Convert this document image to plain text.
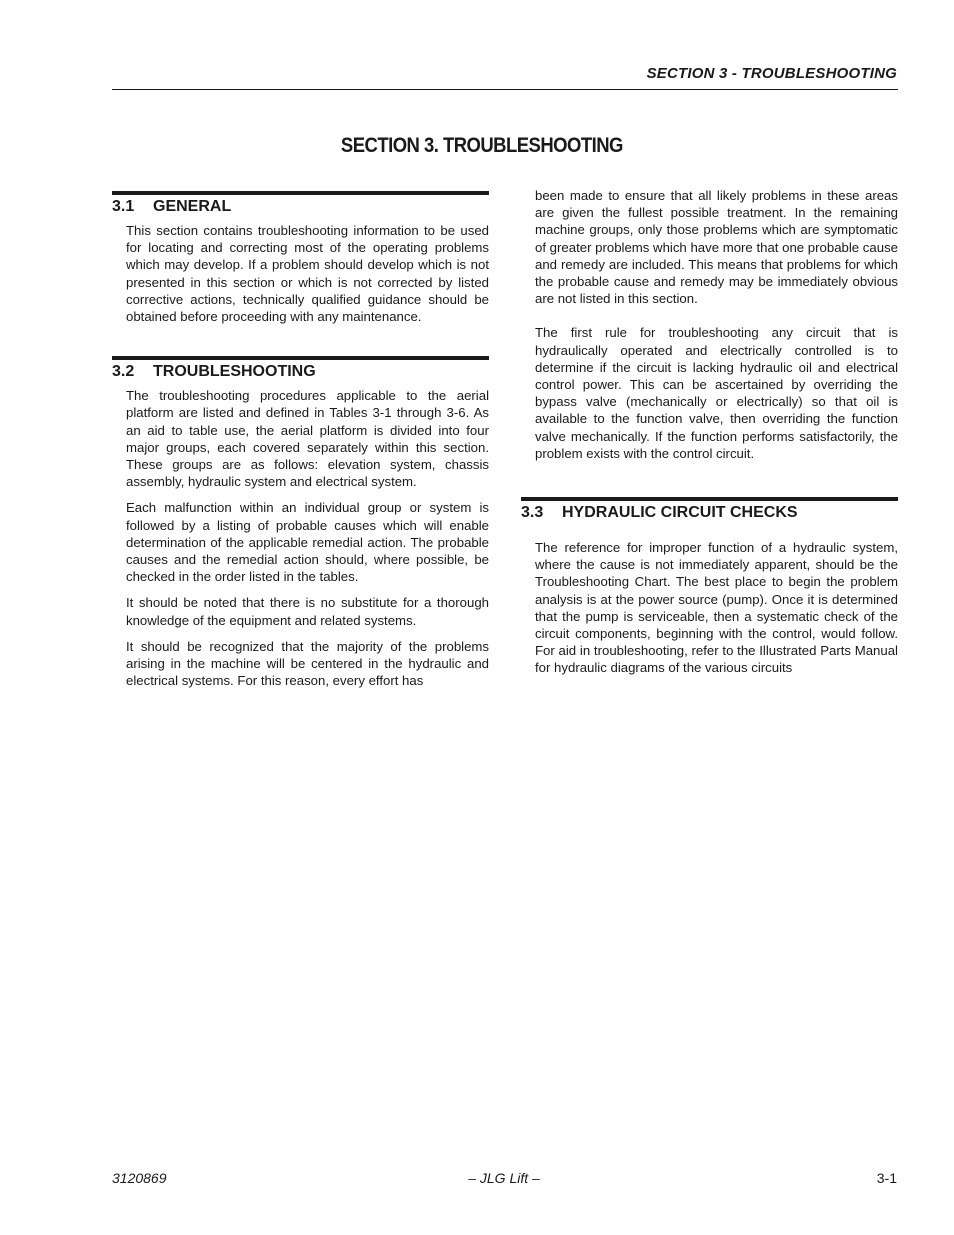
SECTION 3 - TROUBLESHOOTING
SECTION 3. TROUBLESHOOTING
3.1 GENERAL

This section contains troubleshooting information to be used for locating and correcting most of the operating problems which may develop. If a problem should develop which is not presented in this section or which is not corrected by listed corrective actions, technically qualified guidance should be obtained before proceeding with any maintenance.

3.2 TROUBLESHOOTING

The troubleshooting procedures applicable to the aerial platform are listed and defined in Tables 3-1 through 3-6. As an aid to table use, the aerial platform is divided into four major groups, each covered separately within this section. These groups are as follows: elevation system, chassis assembly, hydraulic system and electrical system.

Each malfunction within an individual group or system is followed by a listing of probable causes which will enable determination of the applicable remedial action. The probable causes and the remedial action should, where possible, be checked in the order listed in the tables.

It should be noted that there is no substitute for a thorough knowledge of the equipment and related systems.

It should be recognized that the majority of the problems arising in the machine will be centered in the hydraulic and electrical systems. For this reason, every effort has

been made to ensure that all likely problems in these areas are given the fullest possible treatment. In the remaining machine groups, only those problems which are symptomatic of greater problems which have more that one probable cause and remedy are included. This means that problems for which the probable cause and remedy may be immediately obvious are not listed in this section.

The first rule for troubleshooting any circuit that is hydraulically operated and electrically controlled is to determine if the circuit is lacking hydraulic oil and electrical control power. This can be ascertained by overriding the bypass valve (mechanically or electrically) so that oil is available to the function valve, then overriding the function valve mechanically. If the function performs satisfactorily, the problem exists with the control circuit.

3.3 HYDRAULIC CIRCUIT CHECKS

The reference for improper function of a hydraulic system, where the cause is not immediately apparent, should be the Troubleshooting Chart. The best place to begin the problem analysis is at the power source (pump). Once it is determined that the pump is serviceable, then a systematic check of the circuit components, beginning with the control, would follow. For aid in troubleshooting, refer to the Illustrated Parts Manual for hydraulic diagrams of the various circuits

3120869	– JLG Lift –	3-1
